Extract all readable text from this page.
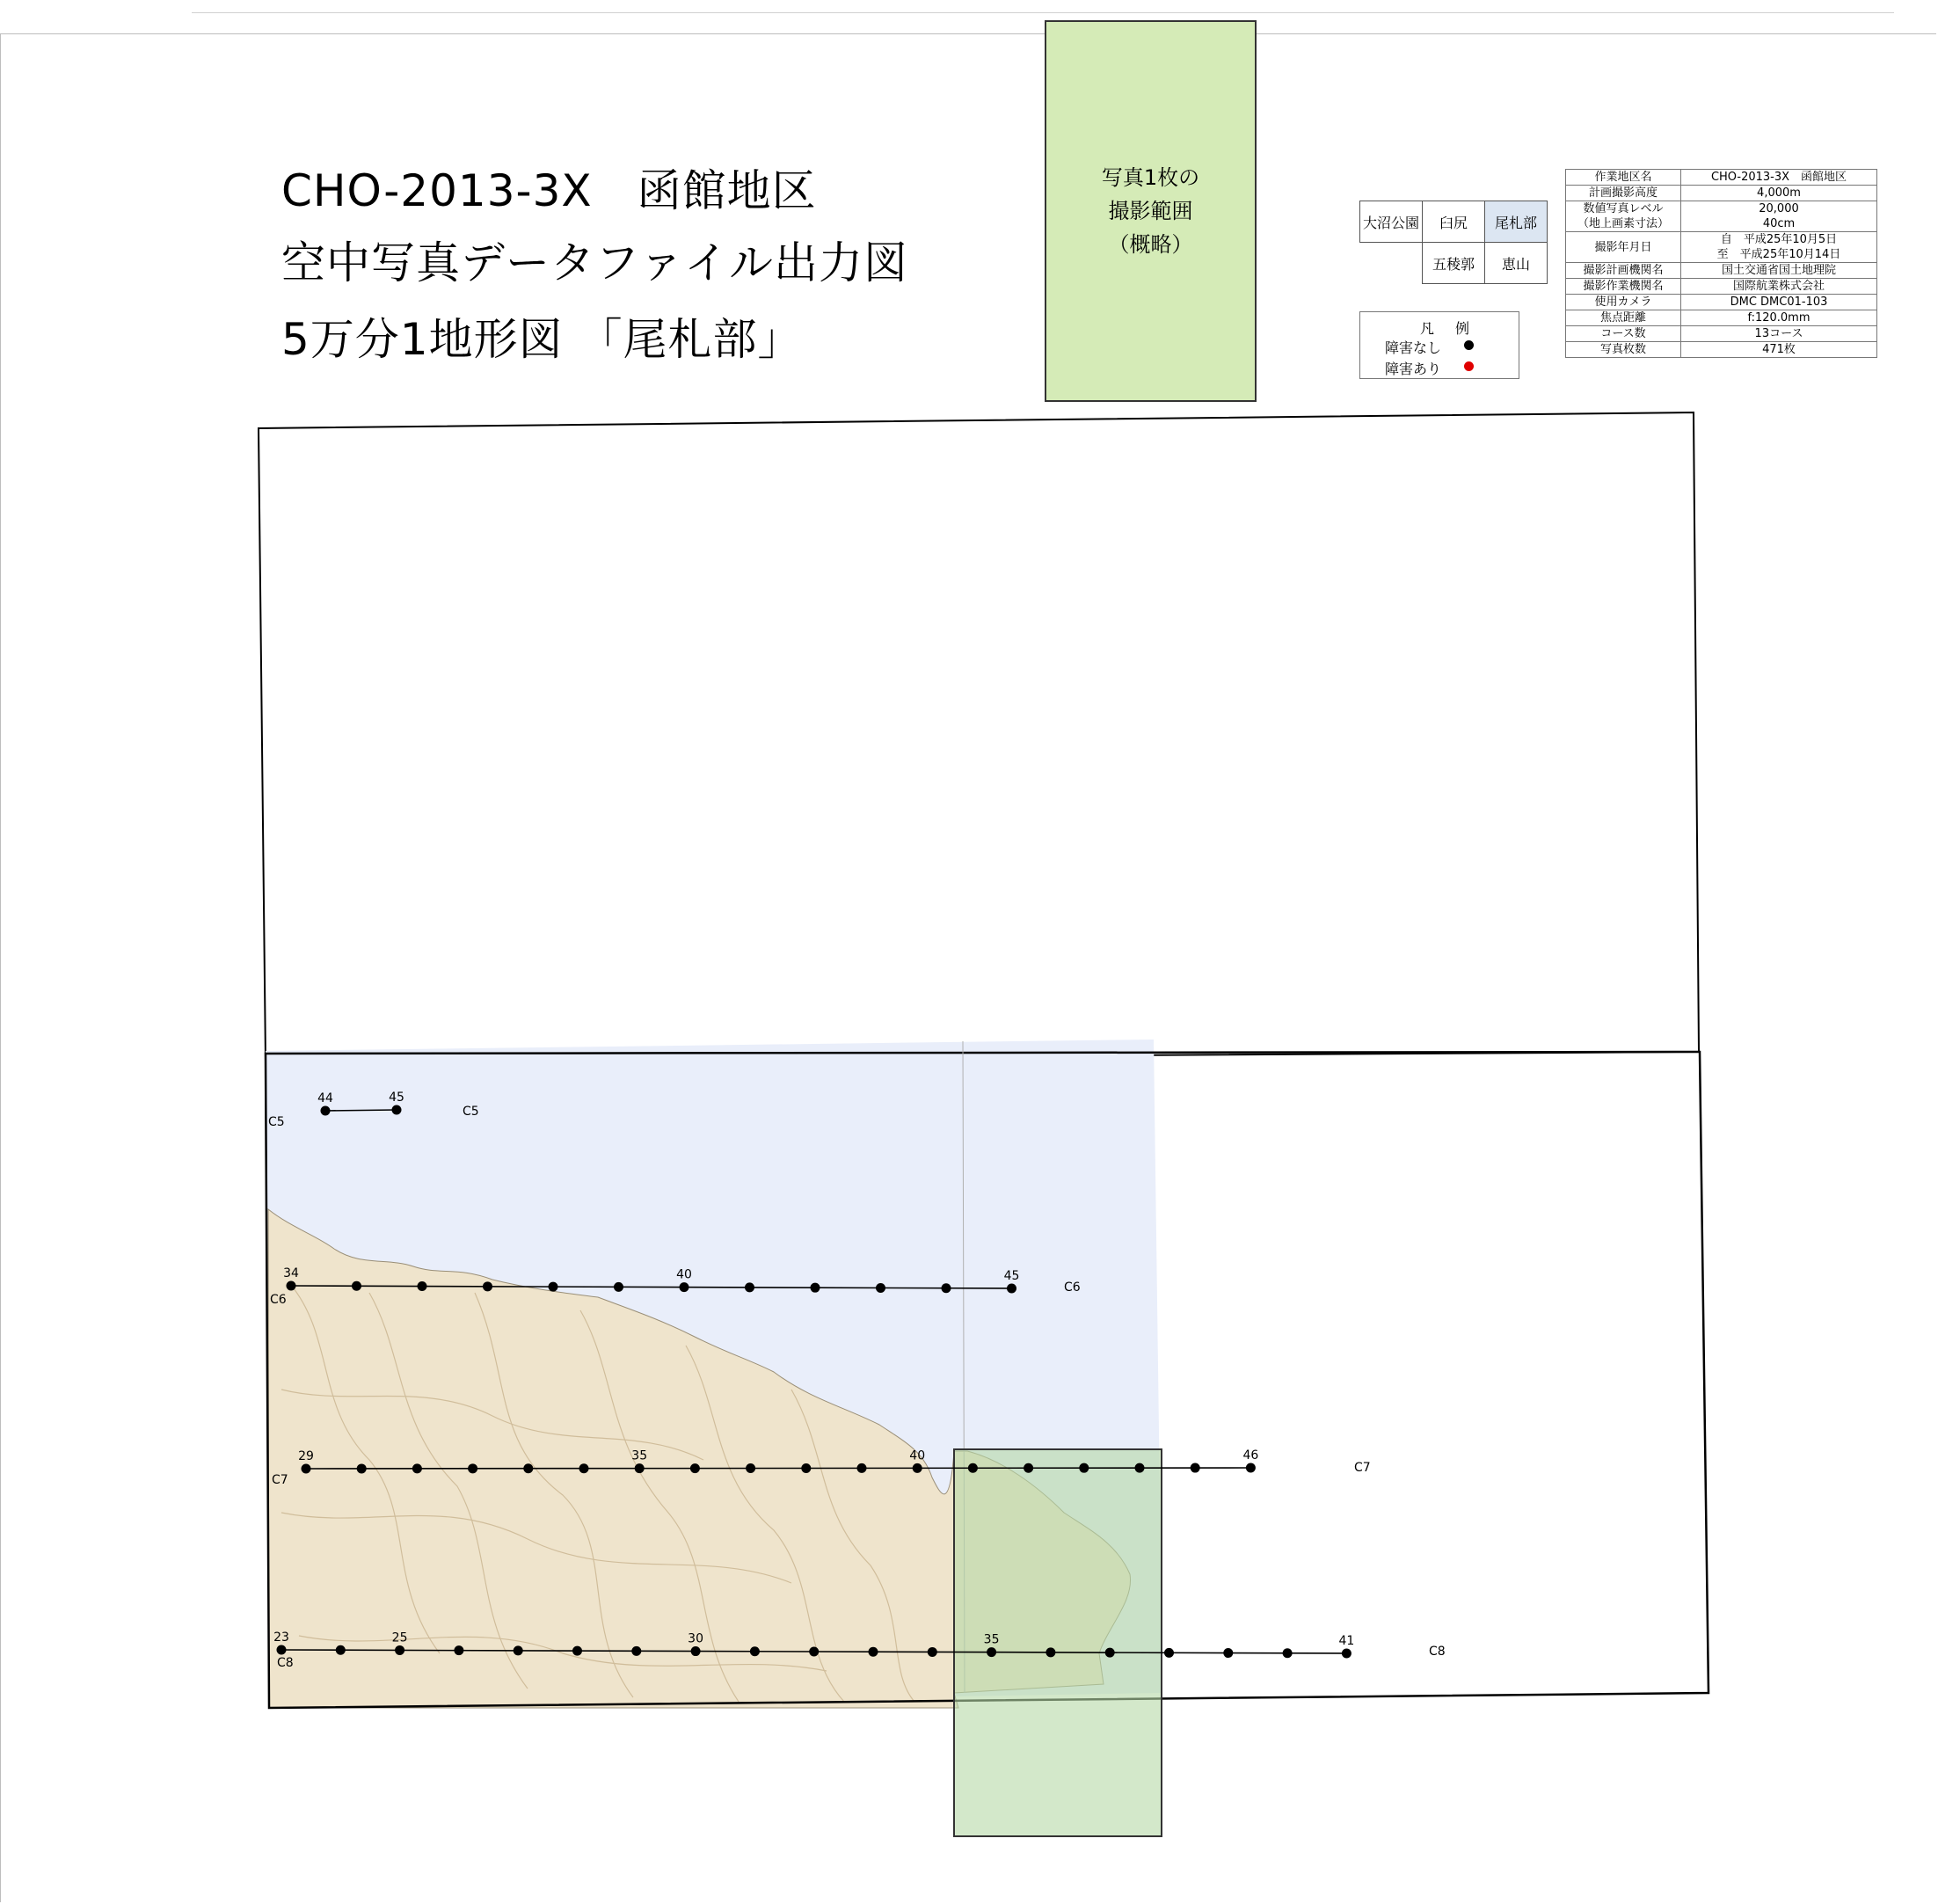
CHO-2013-3X　函館地区
空中写真データファイル出力図
5万分1地形図 「尾札部」
写真1枚の
撮影範囲
（概略）
大沼公園	臼尻	尾札部
	五稜郭	恵山
凡　例
障害なし
障害あり
作業地区名	CHO-2013-3X　函館地区
計画撮影高度	4,000m
数値写真レベル
（地上画素寸法）	20,000
40cm
撮影年月日	自　平成25年10月5日
至　平成25年10月14日
撮影計画機関名	国土交通省国土地理院
撮影作業機関名	国際航業株式会社
使用カメラ	DMC DMC01-103
焦点距離	f:120.0mm
コース数	13コース
写真枚数	471枚
44	45
C5
C5
34	40	45
C6
C6
29	35	40	46
C7
C7
23	25	30	35	41
C8
C8
